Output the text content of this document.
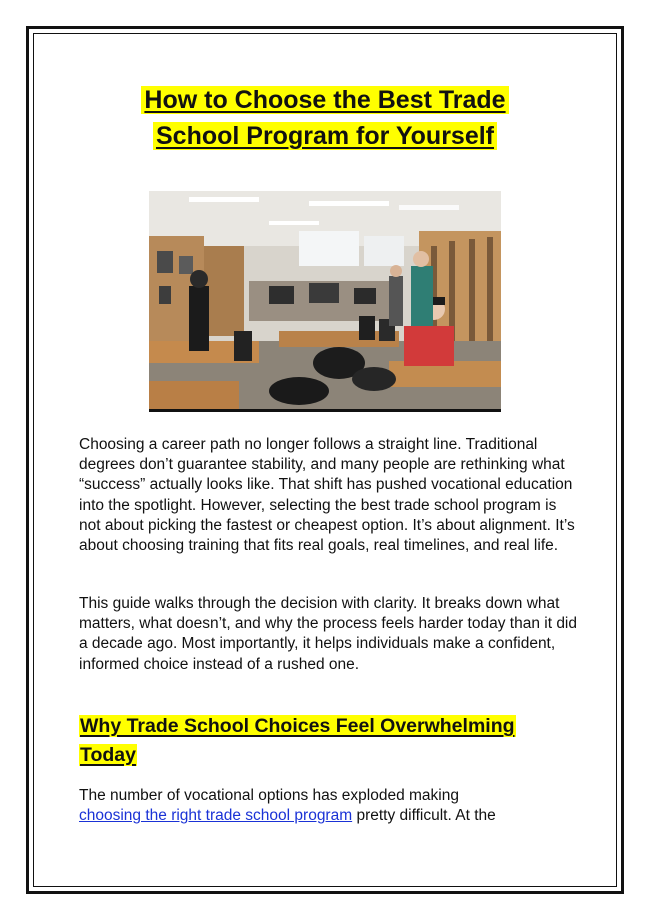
How to Choose the Best Trade
School Program for Yourself

Choosing a career path no longer follows a straight line. Traditional degrees don’t guarantee stability, and many people are rethinking what “success” actually looks like. That shift has pushed vocational education into the spotlight. However, selecting the best trade school program is not about picking the fastest or cheapest option. It’s about alignment. It’s about choosing training that fits real goals, real timelines, and real life.

This guide walks through the decision with clarity. It breaks down what matters, what doesn’t, and why the process feels harder today than it did a decade ago. Most importantly, it helps individuals make a confident, informed choice instead of a rushed one.

Why Trade School Choices Feel Overwhelming
Today

The number of vocational options has exploded making
choosing the right trade school program pretty difficult. At the
